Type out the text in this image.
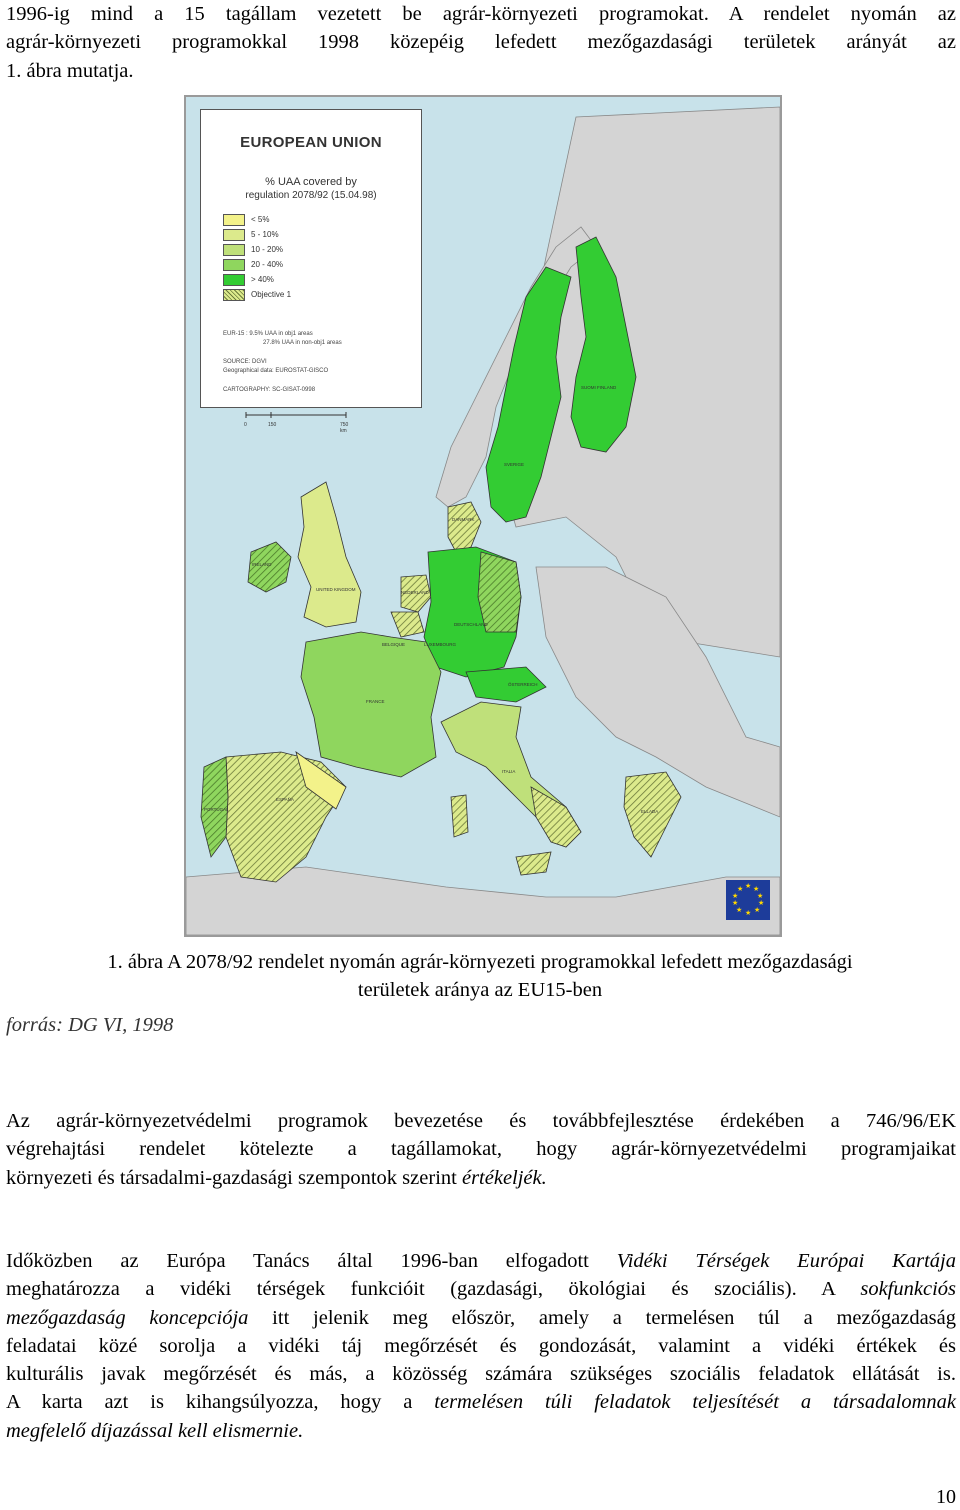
1996-ig mind a 15 tagállam vezetett be agrár-környezeti programokat. A rendelet nyomán az
agrár-környezeti programokkal 1998 közepéig lefedett mezőgazdasági területek arányát az
1. ábra mutatja.
EUROPEAN UNION
% UAA covered by
regulation 2078/92 (15.04.98)
< 5%
5 - 10%
10 - 20%
20 - 40%
> 40%
Objective 1
EUR-15 : 9.5% UAA in obj1 areas
27.8% UAA in non-obj1 areas
SOURCE: DGVI
Geographical data: EUROSTAT-GISCO
CARTOGRAPHY: SC-GISAT-0998
0	150	750 km
SVERIGE
SUOMI FINLAND
DANMARK
IRELAND
UNITED KINGDOM
NEDERLAND
DEUTSCHLAND
BELGIQUE	LUXEMBOURG
FRANCE
ÖSTERREICH
ITALIA
ESPAÑA
PORTUGAL	ELLADA
★ ★
★
★
★
★
★
★
★
★
1. ábra A 2078/92 rendelet nyomán agrár-környezeti programokkal lefedett mezőgazdasági
területek aránya az EU15-ben
forrás: DG VI, 1998
Az agrár-környezetvédelmi programok bevezetése és továbbfejlesztése érdekében a 746/96/EK
végrehajtási rendelet kötelezte a tagállamokat, hogy agrár-környezetvédelmi programjaikat
környezeti és társadalmi-gazdasági szempontok szerint értékeljék.
Időközben az Európa Tanács által 1996-ban elfogadott Vidéki Térségek Európai Kartája
meghatározza a vidéki térségek funkcióit (gazdasági, ökológiai és szociális). A sokfunkciós
mezőgazdaság koncepciója itt jelenik meg először, amely a termelésen túl a mezőgazdaság
feladatai közé sorolja a vidéki táj megőrzését és gondozását, valamint a vidéki értékek és
kulturális javak megőrzését és más, a közösség számára szükséges szociális feladatok ellátását is.
A karta azt is kihangsúlyozza, hogy a termelésen túli feladatok teljesítését a társadalomnak
megfelelő díjazással kell elismernie.
10
